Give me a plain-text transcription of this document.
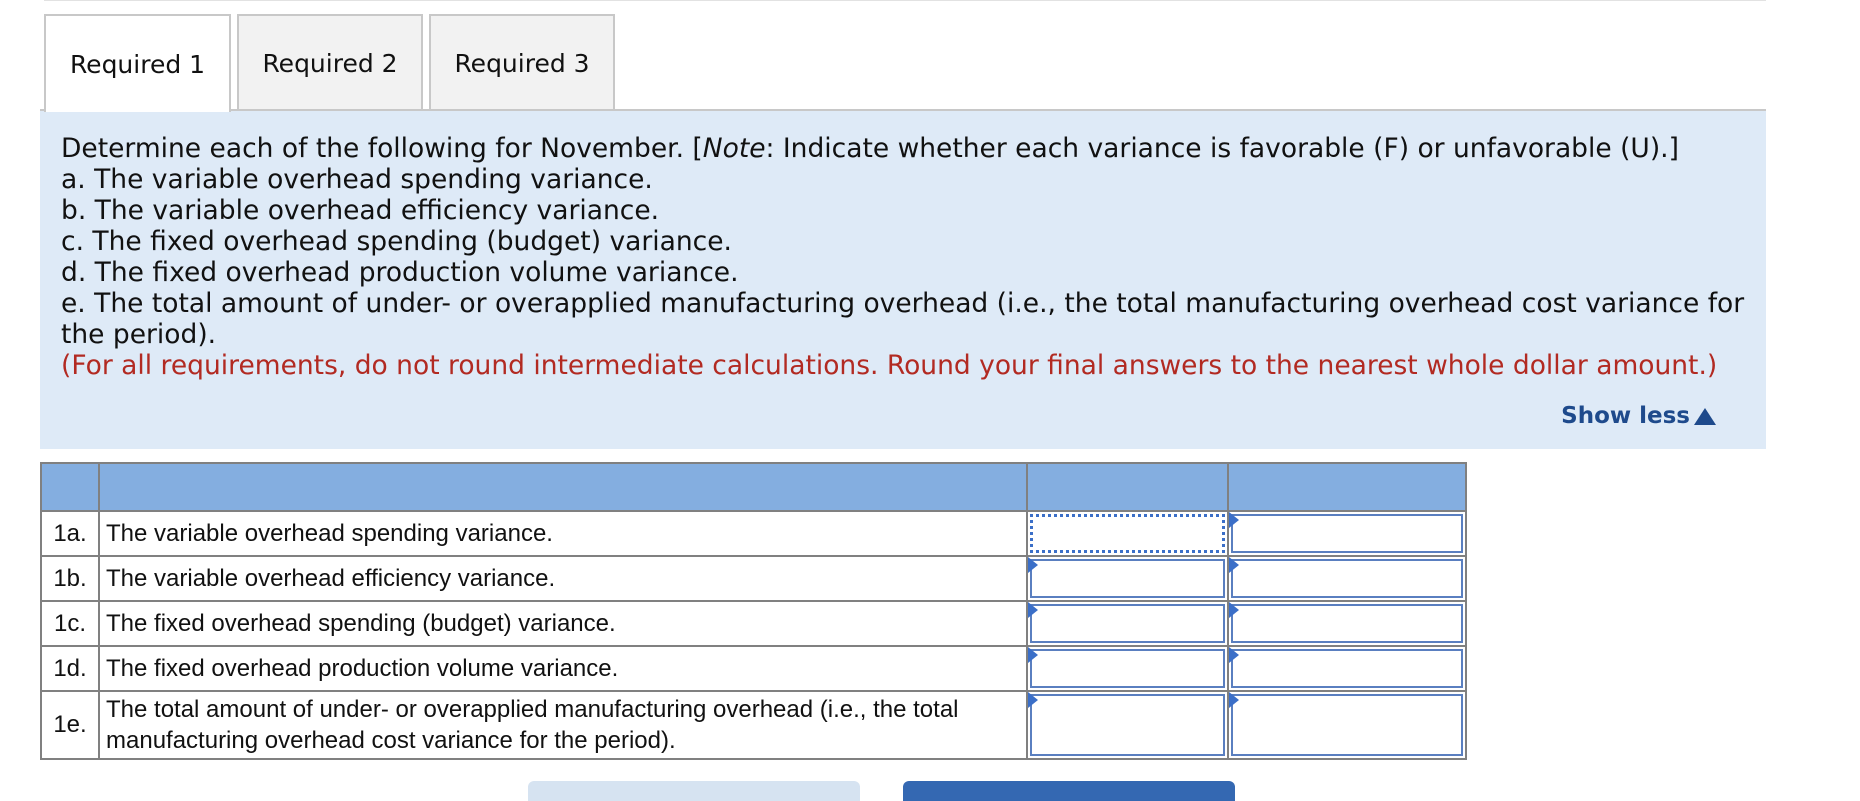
Required 1	Required 2	Required 3

Determine each of the following for November. [Note: Indicate whether each variance is favorable (F) or unfavorable (U).]

a. The variable overhead spending variance.

b. The variable overhead efficiency variance.

c. The fixed overhead spending (budget) variance.

d. The fixed overhead production volume variance.

e. The total amount of under- or overapplied manufacturing overhead (i.e., the total manufacturing overhead cost variance for the period).

(For all requirements, do not round intermediate calculations. Round your final answers to the nearest whole dollar amount.)

Show less

1a.	The variable overhead spending variance.	

1b.	The variable overhead efficiency variance.	

1c.	The fixed overhead spending (budget) variance.	

1d.	The fixed overhead production volume variance.	

1e.	The total amount of under- or overapplied manufacturing overhead (i.e., the total manufacturing overhead cost variance for the period).	
